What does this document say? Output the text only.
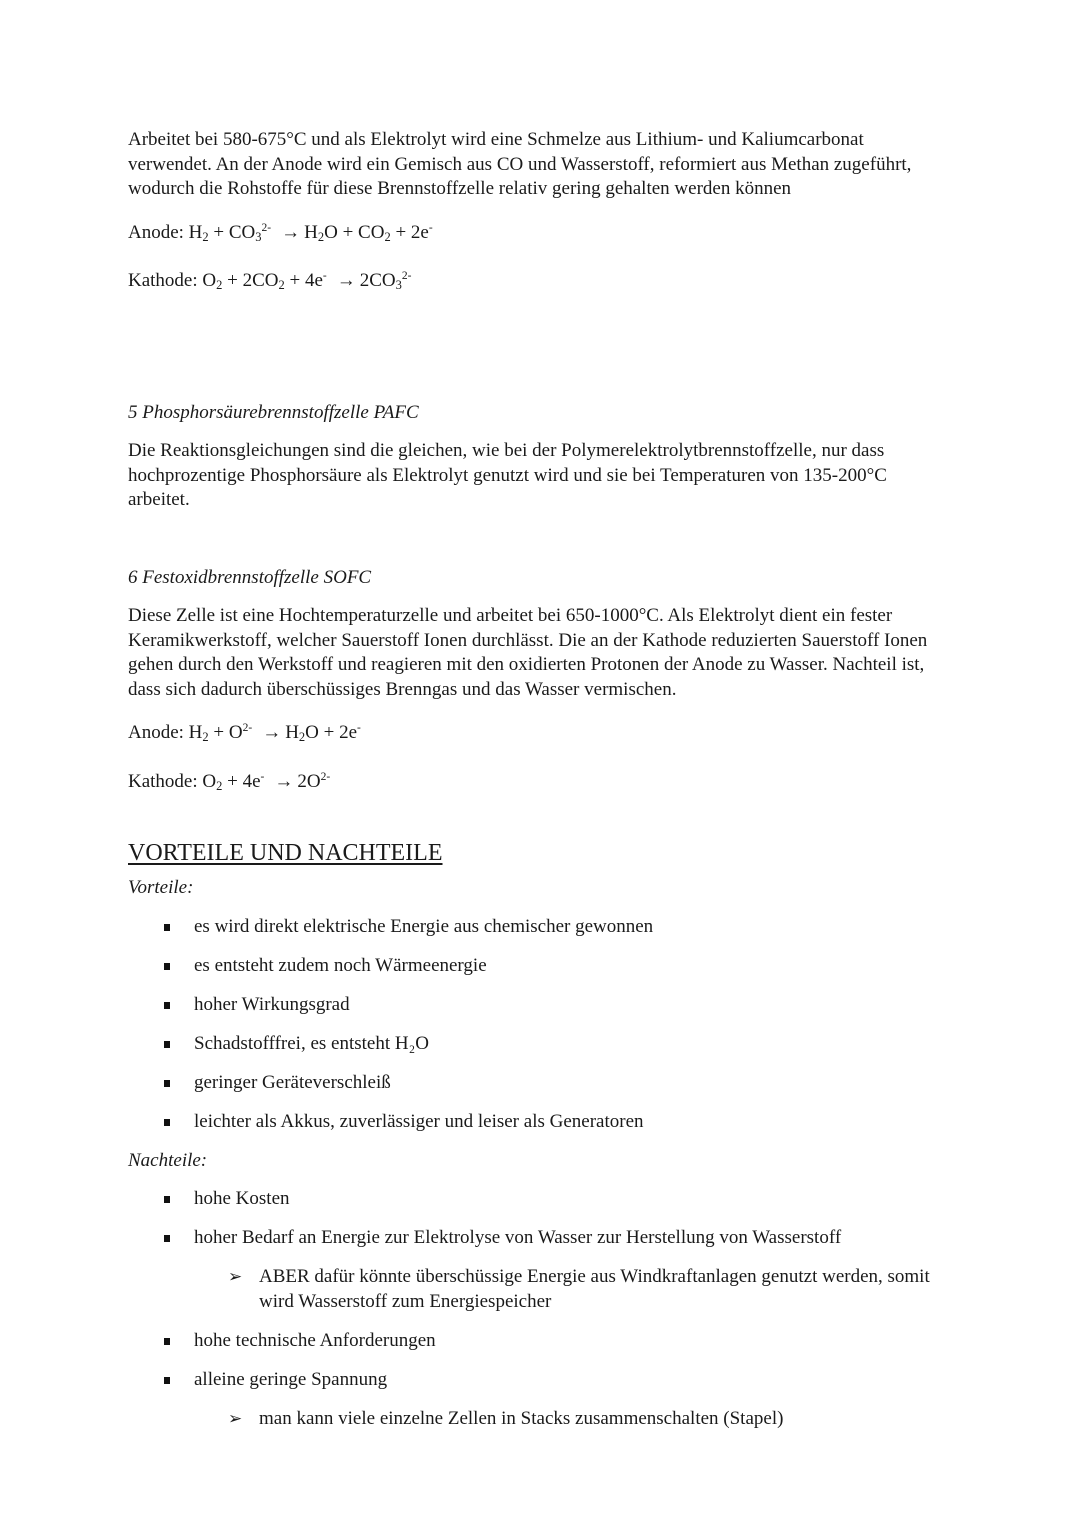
Arbeitet bei 580-675°C und als Elektrolyt wird eine Schmelze aus Lithium- und Kaliumcarbonat verwendet. An der Anode wird ein Gemisch aus CO und Wasserstoff, reformiert aus Methan zugeführt, wodurch die Rohstoffe für diese Brennstoffzelle relativ gering gehalten werden können

Anode: $H_2 + CO_3^{2-} \to H_2O + CO_2 + 2e^-$

Kathode: $O_2 + 2CO_2 + 4e^- \to 2CO_3^{2-}$

5 Phosphorsäurebrennstoffzelle PAFC

Die Reaktionsgleichungen sind die gleichen, wie bei der Polymerelektrolytbrennstoffzelle, nur dass hochprozentige Phosphorsäure als Elektrolyt genutzt wird und sie bei Temperaturen von 135-200°C arbeitet.

6 Festoxidbrennstoffzelle SOFC

Diese Zelle ist eine Hochtemperaturzelle und arbeitet bei 650-1000°C. Als Elektrolyt dient ein fester Keramikwerkstoff, welcher Sauerstoff Ionen durchlässt. Die an der Kathode reduzierten Sauerstoff Ionen gehen durch den Werkstoff und reagieren mit den oxidierten Protonen der Anode zu Wasser. Nachteil ist, dass sich dadurch überschüssiges Brenngas und das Wasser vermischen.

Anode: $H_2 + O^{2-} \to H_2O + 2e^-$

Kathode: $O_2 + 4e^- \to 2O^{2-}$

VORTEILE UND NACHTEILE

Vorteile:

es wird direkt elektrische Energie aus chemischer gewonnen
es entsteht zudem noch Wärmeenergie
hoher Wirkungsgrad
Schadstofffrei, es entsteht H₂O
geringer Geräteverschleiß
leichter als Akkus, zuverlässiger und leiser als Generatoren

Nachteile:

hohe Kosten
hoher Bedarf an Energie zur Elektrolyse von Wasser zur Herstellung von Wasserstoff
➢ ABER dafür könnte überschüssige Energie aus Windkraftanlagen genutzt werden, somit wird Wasserstoff zum Energiespeicher
hohe technische Anforderungen
alleine geringe Spannung
➢ man kann viele einzelne Zellen in Stacks zusammenschalten (Stapel)
